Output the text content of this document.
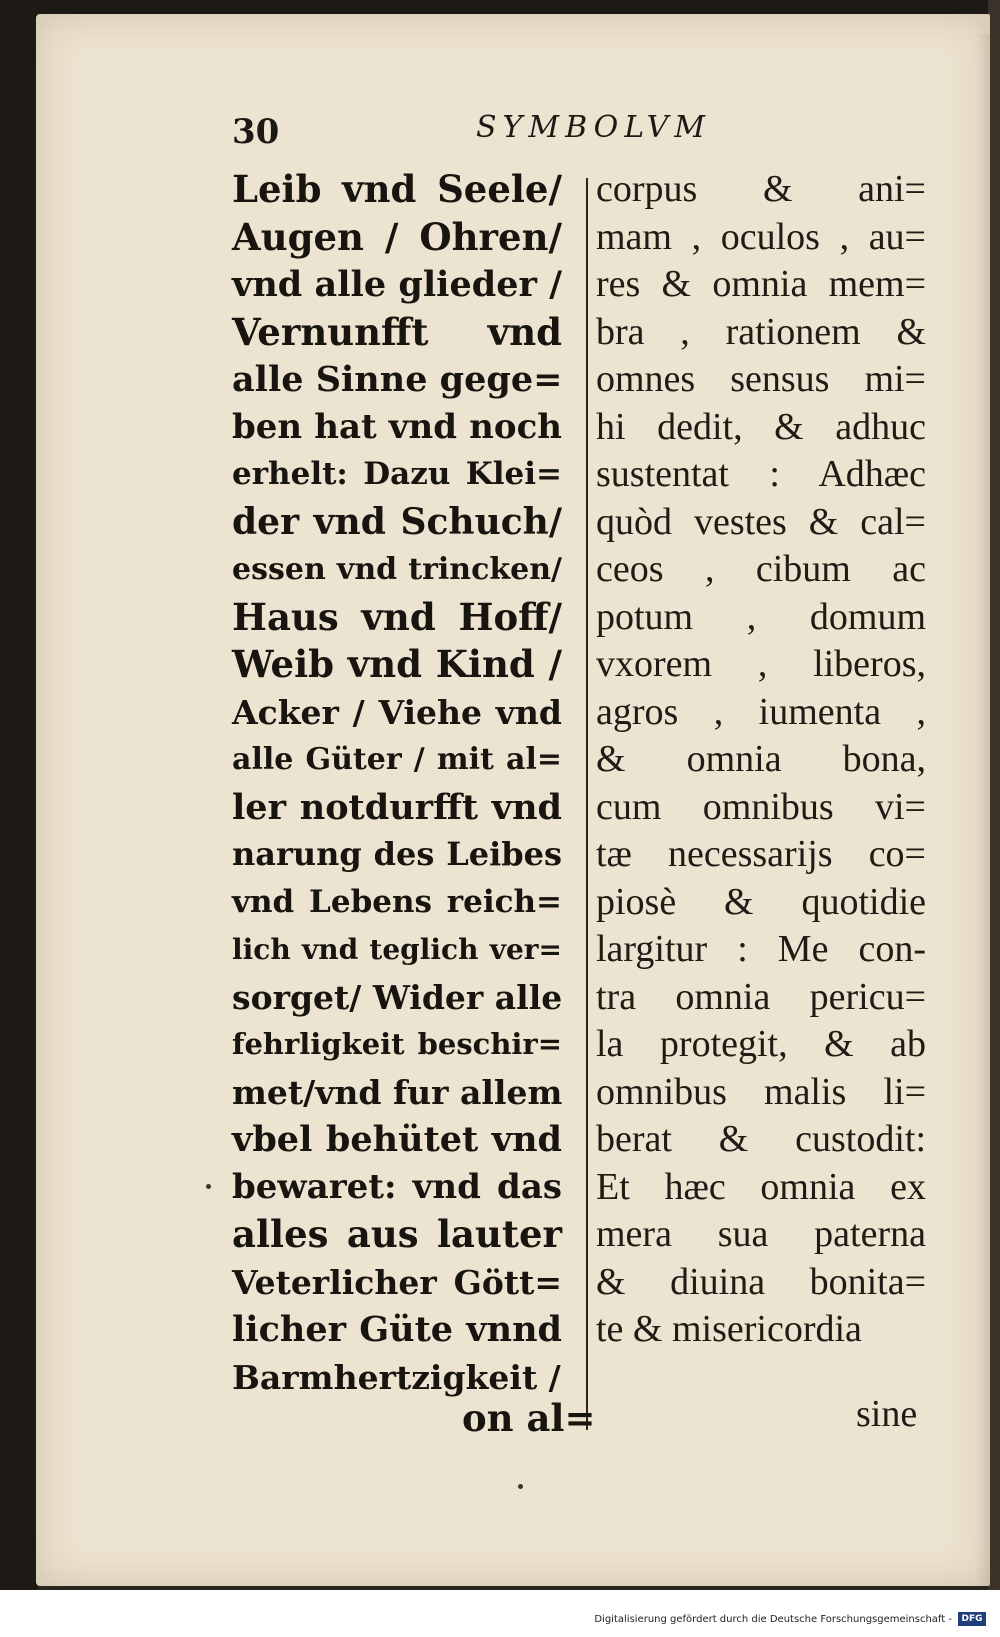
30	SYMBOLVM
Leib vnd Seele/
Augen / Ohren/
vnd alle glieder /
Vernunfft vnd
alle Sinne gege=
ben hat vnd noch
erhelt: Dazu Klei=
der vnd Schuch/
essen vnd trincken/
Haus vnd Hoff/
Weib vnd Kind /
Acker / Viehe vnd
alle Güter / mit al=
ler notdurfft vnd
narung des Leibes
vnd Lebens reich=
lich vnd teglich ver=
sorget/ Wider alle
fehrligkeit beschir=
met/vnd fur allem
vbel behütet vnd
bewaret: vnd das
alles aus lauter
Veterlicher Gött=
licher Güte vnnd
Barmhertzigkeit /
corpus & ani=
mam , oculos , au=
res & omnia mem=
bra , rationem &
omnes sensus mi=
hi dedit, & adhuc
sustentat : Adhæc
quòd vestes & cal=
ceos , cibum ac
potum , domum
vxorem , liberos,
agros , iumenta ,
& omnia bona,
cum omnibus vi=
tæ necessarijs co=
piosè & quotidie
largitur : Me con-
tra omnia pericu=
la protegit, & ab
omnibus malis li=
berat & custodit:
Et hæc omnia ex
mera sua paterna
& diuina bonita=
te & misericordia
on al=	sine
Digitalisierung gefördert durch die Deutsche Forschungsgemeinschaft -	DFG
